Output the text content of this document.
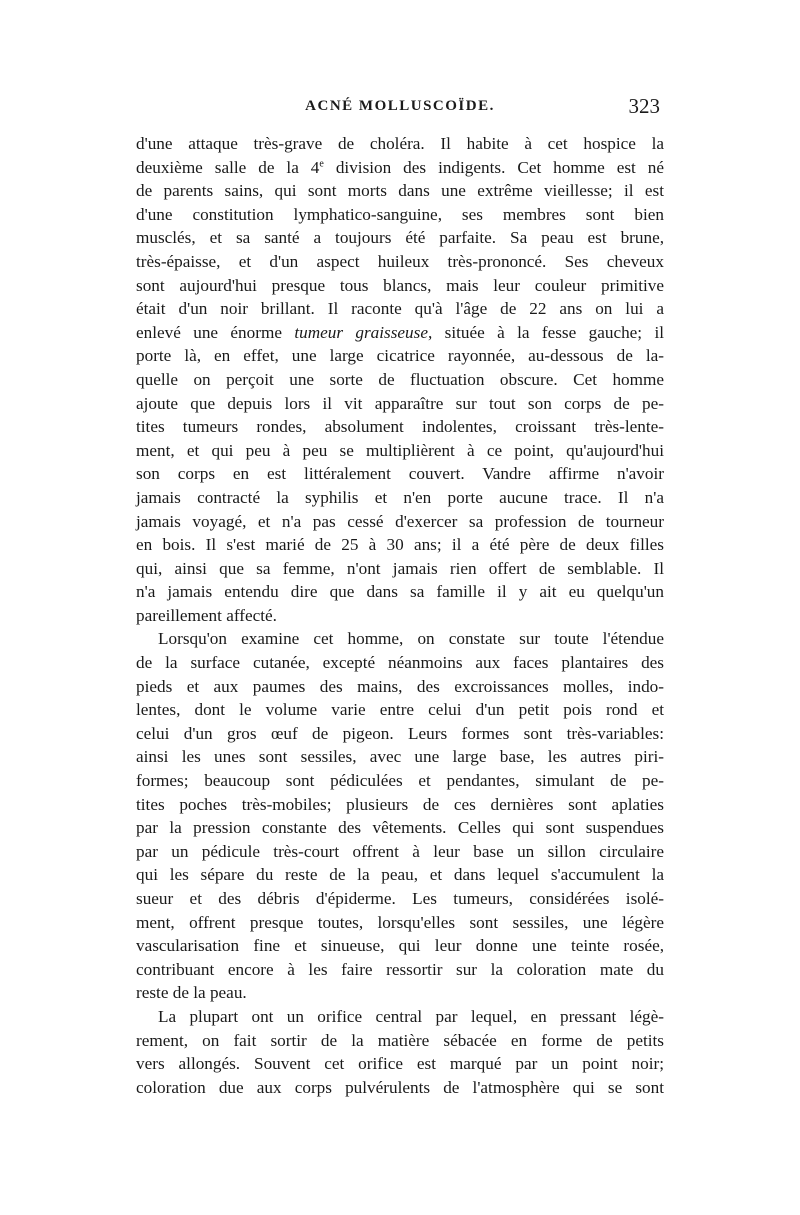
ACNÉ MOLLUSCOÏDE.	323
d'une attaque très-grave de choléra. Il habite à cet hospice la
deuxième salle de la 4e division des indigents. Cet homme est né
de parents sains, qui sont morts dans une extrême vieillesse; il est
d'une constitution lymphatico-sanguine, ses membres sont bien
musclés, et sa santé a toujours été parfaite. Sa peau est brune,
très-épaisse, et d'un aspect huileux très-prononcé. Ses cheveux
sont aujourd'hui presque tous blancs, mais leur couleur primitive
était d'un noir brillant. Il raconte qu'à l'âge de 22 ans on lui a
enlevé une énorme tumeur graisseuse, située à la fesse gauche; il
porte là, en effet, une large cicatrice rayonnée, au-dessous de la-
quelle on perçoit une sorte de fluctuation obscure. Cet homme
ajoute que depuis lors il vit apparaître sur tout son corps de pe-
tites tumeurs rondes, absolument indolentes, croissant très-lente-
ment, et qui peu à peu se multiplièrent à ce point, qu'aujourd'hui
son corps en est littéralement couvert. Vandre affirme n'avoir
jamais contracté la syphilis et n'en porte aucune trace. Il n'a
jamais voyagé, et n'a pas cessé d'exercer sa profession de tourneur
en bois. Il s'est marié de 25 à 30 ans; il a été père de deux filles
qui, ainsi que sa femme, n'ont jamais rien offert de semblable. Il
n'a jamais entendu dire que dans sa famille il y ait eu quelqu'un
pareillement affecté.
Lorsqu'on examine cet homme, on constate sur toute l'étendue
de la surface cutanée, excepté néanmoins aux faces plantaires des
pieds et aux paumes des mains, des excroissances molles, indo-
lentes, dont le volume varie entre celui d'un petit pois rond et
celui d'un gros œuf de pigeon. Leurs formes sont très-variables:
ainsi les unes sont sessiles, avec une large base, les autres piri-
formes; beaucoup sont pédiculées et pendantes, simulant de pe-
tites poches très-mobiles; plusieurs de ces dernières sont aplaties
par la pression constante des vêtements. Celles qui sont suspendues
par un pédicule très-court offrent à leur base un sillon circulaire
qui les sépare du reste de la peau, et dans lequel s'accumulent la
sueur et des débris d'épiderme. Les tumeurs, considérées isolé-
ment, offrent presque toutes, lorsqu'elles sont sessiles, une légère
vascularisation fine et sinueuse, qui leur donne une teinte rosée,
contribuant encore à les faire ressortir sur la coloration mate du
reste de la peau.
La plupart ont un orifice central par lequel, en pressant légè-
rement, on fait sortir de la matière sébacée en forme de petits
vers allongés. Souvent cet orifice est marqué par un point noir;
coloration due aux corps pulvérulents de l'atmosphère qui se sont
